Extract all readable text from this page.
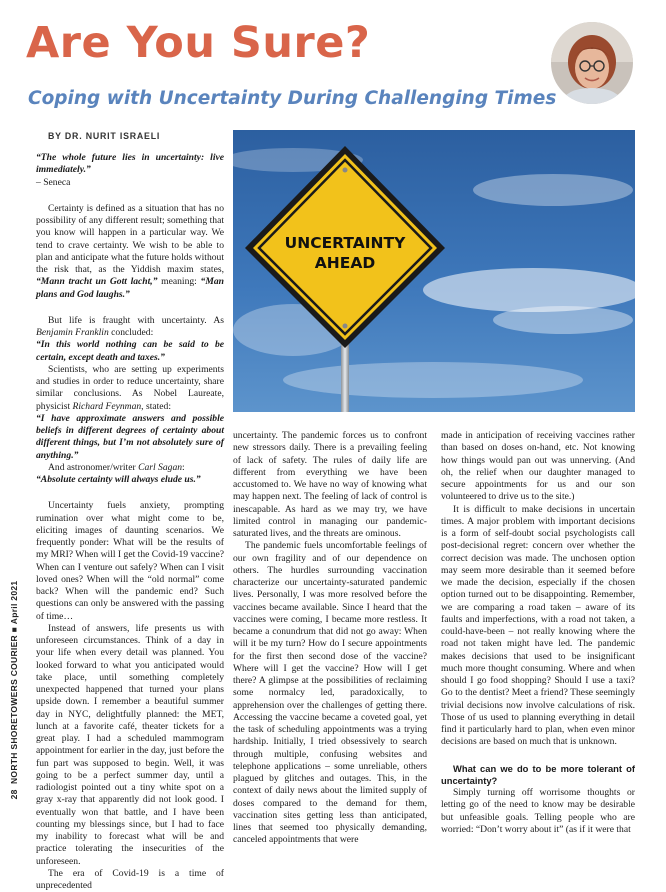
Are You Sure?
Coping with Uncertainty During Challenging Times
BY DR. NURIT ISRAELI
28  NORTH SHORETOWERS COURIER ■ April 2021
UNCERTAINTY
AHEAD

“The whole future lies in uncertainty: live immediately.”

– Seneca

Certainty is defined as a situation that has no possibility of any different result; something that you know will happen in a particular way. We tend to crave certainty. We wish to be able to plan and anticipate what the future holds without the risk that, as the Yiddish maxim states, “Mann tracht un Gott lacht,” meaning: “Man plans and God laughs.”

But life is fraught with uncertainty. As Benjamin Franklin concluded:

“In this world nothing can be said to be certain, except death and taxes.”

Scientists, who are setting up experiments and studies in order to reduce uncertainty, share similar conclusions. As Nobel Laureate, physicist Richard Feynman, stated:

“I have approximate answers and possible beliefs in different degrees of certainty about different things, but I’m not absolutely sure of anything.”

And astronomer/writer Carl Sagan:

“Absolute certainty will always elude us.”

Uncertainty fuels anxiety, prompting rumination over what might come to be, eliciting images of daunting scenarios. We frequently ponder: What will be the results of my MRI? When will I get the Covid-19 vaccine? When can I venture out safely? When can I visit loved ones? When will the “old normal” come back? When will the pandemic end? Such questions can only be answered with the passing of time…

Instead of answers, life presents us with unforeseen circumstances. Think of a day in your life when every detail was planned. You looked forward to what you anticipated would take place, until something completely unexpected happened that turned your plans upside down. I remember a beautiful summer day in NYC, delightfully planned: the MET, lunch at a favorite café, theater tickets for a great play. I had a scheduled mammogram appointment for earlier in the day, just before the fun part was supposed to begin. Well, it was going to be a perfect summer day, until a radiologist pointed out a tiny white spot on a gray x-ray that apparently did not look good. I eventually won that battle, and I have been counting my blessings since, but I had to face my inability to forecast what will be and practice tolerating the insecurities of the unforeseen.

The era of Covid-19 is a time of unprecedented

uncertainty. The pandemic forces us to confront new stressors daily. There is a prevailing feeling of lack of safety. The rules of daily life are different from everything we have been accustomed to. We have no way of knowing what may happen next. The feeling of lack of control is inescapable. As hard as we may try, we have limited control in managing our pandemic-saturated lives, and the threats are ominous.

The pandemic fuels uncomfortable feelings of our own fragility and of our dependence on others. The hurdles surrounding vaccination characterize our uncertainty-saturated pandemic lives. Personally, I was more resolved before the vaccines became available. Since I heard that the vaccines were coming, I became more restless. It became a conundrum that did not go away: When will it be my turn? How do I secure appointments for the first then second dose of the vaccine? Where will I get the vaccine? How will I get there? A glimpse at the possibilities of reclaiming some normalcy led, paradoxically, to apprehension over the challenges of getting there. Accessing the vaccine became a coveted goal, yet the task of scheduling appointments was a trying hardship. Initially, I tried obsessively to search through multiple, confusing websites and telephone applications – some unreliable, others plagued by glitches and outages. This, in the context of daily news about the limited supply of doses compared to the demand for them, vaccination sites getting less than anticipated, lines that seemed too physically demanding, canceled appointments that were

made in anticipation of receiving vaccines rather than based on doses on-hand, etc. Not knowing how things would pan out was unnerving. (And oh, the relief when our daughter managed to secure appointments for us and our son volunteered to drive us to the site.)

It is difficult to make decisions in uncertain times. A major problem with important decisions is a form of self-doubt social psychologists call post-decisional regret: concern over whether the correct decision was made. The unchosen option may seem more desirable than it seemed before we made the decision, especially if the chosen option turned out to be disappointing. Remember, we are comparing a road taken – aware of its faults and imperfections, with a road not taken, a could-have-been – not really knowing where the road not taken might have led. The pandemic makes decisions that used to be insignificant much more thought consuming. Where and when should I go food shopping? Should I use a taxi? Go to the dentist? Meet a friend? These seemingly trivial decisions now involve calculations of risk. Those of us used to planning everything in detail find it particularly hard to plan, when even minor decisions are based on much that is unknown.

What can we do to be more tolerant of uncertainty?

Simply turning off worrisome thoughts or letting go of the need to know may be desirable but unfeasible goals. Telling people who are worried: “Don’t worry about it” (as if it were that
